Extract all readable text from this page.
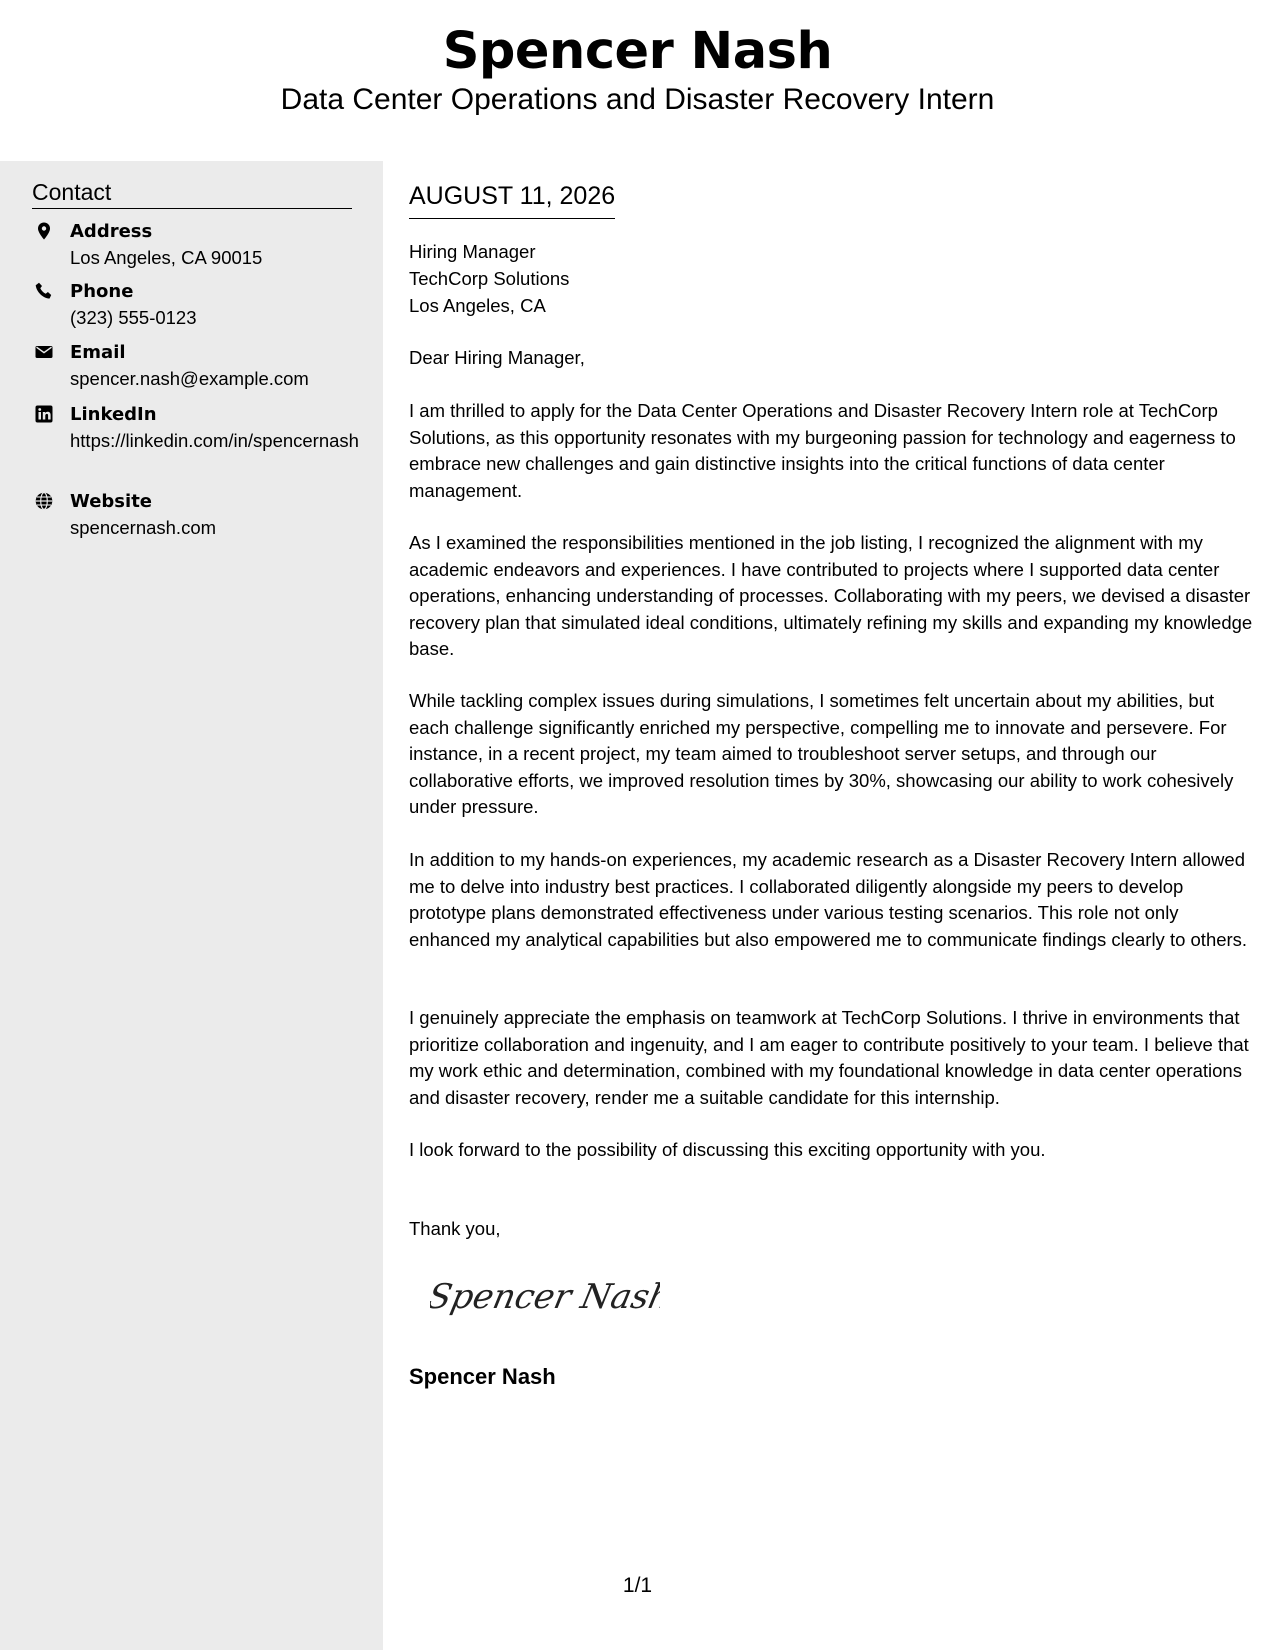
Spencer Nash
Data Center Operations and Disaster Recovery Intern
Contact
Address
Los Angeles, CA 90015
Phone
(323) 555-0123
Email
spencer.nash@example.com
LinkedIn
https://linkedin.com/in/spencernash
Website
spencernash.com
AUGUST 11, 2026
Hiring Manager
TechCorp Solutions
Los Angeles, CA
Dear Hiring Manager,
I am thrilled to apply for the Data Center Operations and Disaster Recovery Intern role at TechCorp Solutions, as this opportunity resonates with my burgeoning passion for technology and eagerness to embrace new challenges and gain distinctive insights into the critical functions of data center management.
As I examined the responsibilities mentioned in the job listing, I recognized the alignment with my academic endeavors and experiences. I have contributed to projects where I supported data center operations, enhancing understanding of processes. Collaborating with my peers, we devised a disaster recovery plan that simulated ideal conditions, ultimately refining my skills and expanding my knowledge base.
While tackling complex issues during simulations, I sometimes felt uncertain about my abilities, but each challenge significantly enriched my perspective, compelling me to innovate and persevere. For instance, in a recent project, my team aimed to troubleshoot server setups, and through our collaborative efforts, we improved resolution times by 30%, showcasing our ability to work cohesively under pressure.
In addition to my hands-on experiences, my academic research as a Disaster Recovery Intern allowed me to delve into industry best practices. I collaborated diligently alongside my peers to develop prototype plans demonstrated effectiveness under various testing scenarios. This role not only enhanced my analytical capabilities but also empowered me to communicate findings clearly to others.
I genuinely appreciate the emphasis on teamwork at TechCorp Solutions. I thrive in environments that prioritize collaboration and ingenuity, and I am eager to contribute positively to your team. I believe that my work ethic and determination, combined with my foundational knowledge in data center operations and disaster recovery, render me a suitable candidate for this internship.
I look forward to the possibility of discussing this exciting opportunity with you.
Thank you,
Spencer Nash
Spencer Nash
1/1
